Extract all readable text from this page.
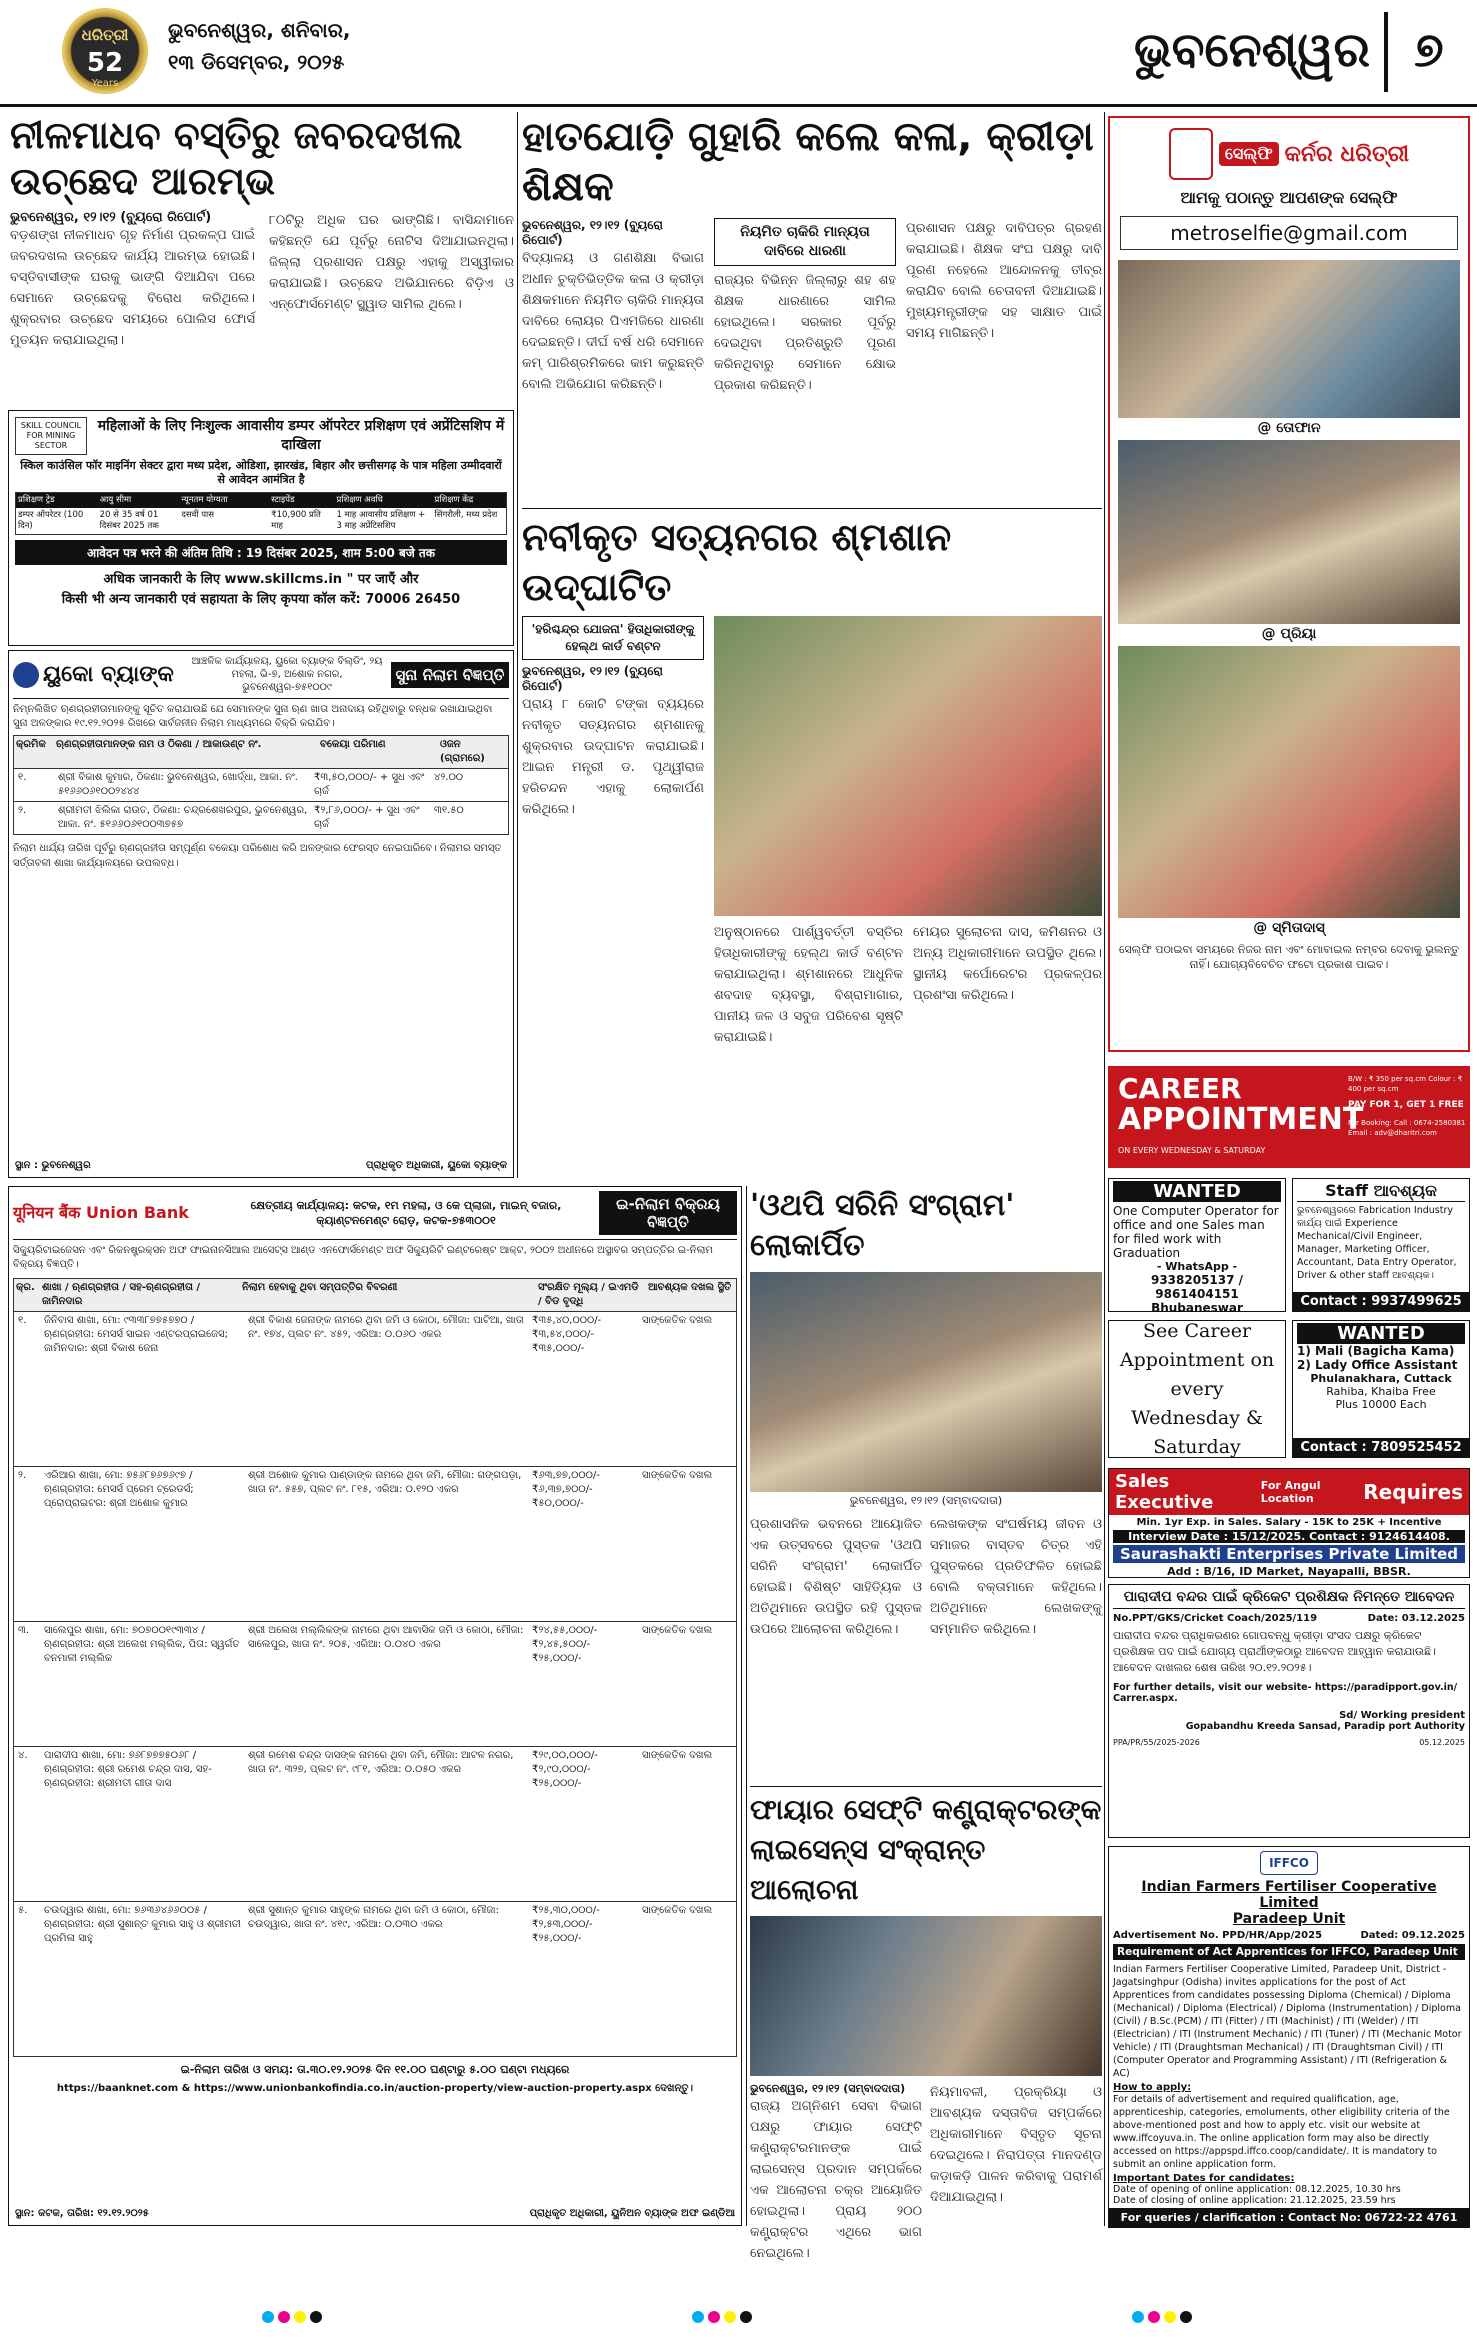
ଧରିତ୍ରୀ
52
Years
ଭୁବନେଶ୍ୱର, ଶନିବାର,
୧୩ ଡିସେମ୍ବର, ୨୦୨୫	ଭୁବନେଶ୍ୱର ୭
ନୀଳମାଧବ ବସ୍ତିରୁ ଜବରଦଖଲ ଉଚ୍ଛେଦ ଆରମ୍ଭ
ଭୁବନେଶ୍ୱର, ୧୨।୧୨ (ବ୍ୟୁରୋ ରିପୋର୍ଟ)
ବଡ଼ଶଙ୍ଖ ନୀଳମାଧବ ଗୃହ ନିର୍ମାଣ ପ୍ରକଳ୍ପ ପାଇଁ ଜବରଦଖଲ ଉଚ୍ଛେଦ କାର୍ଯ୍ୟ ଆରମ୍ଭ ହୋଇଛି। ବସ୍ତିବାସୀଙ୍କ ଘରକୁ ଭାଙ୍ଗି ଦିଆଯିବା ପରେ ସେମାନେ ଉଚ୍ଛେଦକୁ ବିରୋଧ କରିଥିଲେ। ଶୁକ୍ରବାର ଉଚ୍ଛେଦ ସମୟରେ ପୋଲିସ ଫୋର୍ସ ମୁତୟନ କରାଯାଇଥିଲା।
୮୦ଟିରୁ ଅଧିକ ଘର ଭାଙ୍ଗିଛି। ବାସିନ୍ଦାମାନେ କହିଛନ୍ତି ଯେ ପୂର୍ବରୁ ନୋଟିସ ଦିଆଯାଇନଥିଲା। ଜିଲ୍ଲା ପ୍ରଶାସନ ପକ୍ଷରୁ ଏହାକୁ ଅସ୍ୱୀକାର କରାଯାଇଛି। ଉଚ୍ଛେଦ ଅଭିଯାନରେ ବିଡ଼ିଏ ଓ ଏନ୍‌ଫୋର୍ସମେଣ୍ଟ ସ୍କ୍ୱାଡ ସାମିଲ ଥିଲେ।
SKILL COUNCIL FOR MINING SECTOR
महिलाओं के लिए निःशुल्क आवासीय डम्पर ऑपरेटर प्रशिक्षण एवं अप्रेंटिसशिप में दाखिला
स्किल काउंसिल फॉर माइनिंग सेक्टर द्वारा मध्य प्रदेश, ओडिशा, झारखंड, बिहार और छत्तीसगढ़ के पात्र महिला उम्मीदवारों से आवेदन आमंत्रित है
प्रशिक्षण ट्रेड	आयु सीमा	न्यूनतम योग्यता	स्टाइपेंड	प्रशिक्षण अवधि	प्रशिक्षण केंद्र
डम्पर ऑपरेटर (100 दिन)
20 से 35 वर्ष 01 दिसंबर 2025 तक
दसवीं पास	₹10,900 प्रति माह
1 माह आवासीय प्रशिक्षण + 3 माह अप्रेंटिसशिप
सिंगरौली, मध्य प्रदेश
आवेदन पत्र भरने की अंतिम तिथि : 19 दिसंबर 2025, शाम 5:00 बजे तक
अधिक जानकारी के लिए www.skillcms.in " पर जाएँ और
किसी भी अन्य जानकारी एवं सहायता के लिए कृपया कॉल करें: 70006 26450
ୟୁକୋ ବ୍ୟାଙ୍କ
ଆଞ୍ଚଳିକ କାର୍ଯ୍ୟାଳୟ, ୟୁକୋ ବ୍ୟାଙ୍କ ବିଲ୍ଡିଂ, ୨ୟ ମହଲା, ଭି-୭, ଅଶୋକ ନଗର, ଭୁବନେଶ୍ୱର-୭୫୧୦୦୯
ସୁନା ନିଲାମ ବିଜ୍ଞପ୍ତି
ନିମ୍ନଲିଖିତ ଋଣଗ୍ରହୀତାମାନଙ୍କୁ ସୂଚିତ କରାଯାଉଛି ଯେ ସେମାନଙ୍କ ସୁନା ଋଣ ଖାତା ଅନାଦାୟ ରହିଥିବାରୁ ବନ୍ଧକ ରଖାଯାଇଥିବା ସୁନା ଅଳଙ୍କାର ୧୯.୧୨.୨୦୨୫ ରିଖରେ ସାର୍ବଜନୀନ ନିଲାମ ମାଧ୍ୟମରେ ବିକ୍ରି କରାଯିବ।
କ୍ରମିକ	ଋଣଗ୍ରହୀତାମାନଙ୍କ ନାମ ଓ ଠିକଣା / ଆକାଉଣ୍ଟ ନଂ.	ବକେୟା ପରିମାଣ	ଓଜନ (ଗ୍ରାମରେ)
୧.	ଶ୍ରୀ ବିକାଶ କୁମାର, ଠିକଣା: ଭୁବନେଶ୍ୱର, ଖୋର୍ଦ୍ଧା, ଆକା. ନଂ. ୫୧୬୬୦୬୧୦୦୨୪୪୪
₹୩,୫୦,୦୦୦/- + ସୁଧ ଏବଂ ଚାର୍ଜ
୪୨.୦୦
୨.	ଶ୍ରୀମତୀ ଝିଲିକା ରାଉତ, ଠିକଣା: ଚନ୍ଦ୍ରଶେଖରପୁର, ଭୁବନେଶ୍ୱର, ଆକା. ନଂ. ୫୧୬୬୦୬୧୦୦୩୭୫୭
₹୨,୮୬,୦୦୦/- + ସୁଧ ଏବଂ ଚାର୍ଜ
୩୧.୫୦
ନିଲାମ ଧାର୍ଯ୍ୟ ତାରିଖ ପୂର୍ବରୁ ଋଣଗ୍ରହୀତା ସମ୍ପୂର୍ଣ୍ଣ ବକେୟା ପରିଶୋଧ କରି ଅଳଙ୍କାର ଫେରସ୍ତ ନେଇପାରିବେ। ନିଲାମର ସମସ୍ତ ସର୍ତ୍ତାବଳୀ ଶାଖା କାର୍ଯ୍ୟାଳୟରେ ଉପଲବ୍ଧ।
ସ୍ଥାନ : ଭୁବନେଶ୍ୱର	ପ୍ରାଧିକୃତ ଅଧିକାରୀ, ୟୁକୋ ବ୍ୟାଙ୍କ
ହାତଯୋଡ଼ି ଗୁହାରି କଲେ କଳା, କ୍ରୀଡ଼ା ଶିକ୍ଷକ
ଭୁବନେଶ୍ୱର, ୧୨।୧୨ (ବ୍ୟୁରୋ ରିପୋର୍ଟ)
ବିଦ୍ୟାଳୟ ଓ ଗଣଶିକ୍ଷା ବିଭାଗ ଅଧୀନ ଚୁକ୍ତିଭିତ୍ତିକ କଳା ଓ କ୍ରୀଡ଼ା ଶିକ୍ଷକମାନେ ନିୟମିତ ଚାକିରି ମାନ୍ୟତା ଦାବିରେ ଲୋୟର ପିଏମଜିରେ ଧାରଣା ଦେଇଛନ୍ତି। ଦୀର୍ଘ ବର୍ଷ ଧରି ସେମାନେ କମ୍ ପାରିଶ୍ରମିକରେ କାମ କରୁଛନ୍ତି ବୋଲି ଅଭିଯୋଗ କରିଛନ୍ତି।
ନିୟମିତ ଚାକିରି ମାନ୍ୟତା ଦାବିରେ ଧାରଣା
ରାଜ୍ୟର ବିଭିନ୍ନ ଜିଲ୍ଲାରୁ ଶହ ଶହ ଶିକ୍ଷକ ଧାରଣାରେ ସାମିଲ ହୋଇଥିଲେ। ସରକାର ପୂର୍ବରୁ ଦେଇଥିବା ପ୍ରତିଶ୍ରୁତି ପୂରଣ କରିନଥିବାରୁ ସେମାନେ କ୍ଷୋଭ ପ୍ରକାଶ କରିଛନ୍ତି।
ପ୍ରଶାସନ ପକ୍ଷରୁ ଦାବିପତ୍ର ଗ୍ରହଣ କରାଯାଇଛି। ଶିକ୍ଷକ ସଂଘ ପକ୍ଷରୁ ଦାବି ପୂରଣ ନହେଲେ ଆନ୍ଦୋଳନକୁ ତୀବ୍ର କରାଯିବ ବୋଲି ଚେତାବନୀ ଦିଆଯାଇଛି। ମୁଖ୍ୟମନ୍ତ୍ରୀଙ୍କ ସହ ସାକ୍ଷାତ ପାଇଁ ସମୟ ମାଗିଛନ୍ତି।
ନବୀକୃତ ସତ୍ୟନଗର ଶ୍ମଶାନ ଉଦ୍‌ଘାଟିତ
'ହରିଶ୍ଚନ୍ଦ୍ର ଯୋଜନା' ହିତାଧିକାରୀଙ୍କୁ ହେଲ୍ଥ କାର୍ଡ ବଣ୍ଟନ
ଭୁବନେଶ୍ୱର, ୧୨।୧୨ (ବ୍ୟୁରୋ ରିପୋର୍ଟ)
ପ୍ରାୟ ୮ କୋଟି ଟଙ୍କା ବ୍ୟୟରେ ନବୀକୃତ ସତ୍ୟନଗର ଶ୍ମଶାନକୁ ଶୁକ୍ରବାର ଉଦ୍‌ଘାଟନ କରାଯାଇଛି। ଆଇନ ମନ୍ତ୍ରୀ ଡ. ପୃଥ୍ୱୀରାଜ ହରିଚନ୍ଦନ ଏହାକୁ ଲୋକାର୍ପଣ କରିଥିଲେ।
ଅନୁଷ୍ଠାନରେ ପାର୍ଶ୍ୱବର୍ତ୍ତୀ ବସ୍ତିର ହିତାଧିକାରୀଙ୍କୁ ହେଲ୍ଥ କାର୍ଡ ବଣ୍ଟନ କରାଯାଇଥିଲା। ଶ୍ମଶାନରେ ଆଧୁନିକ ଶବଦାହ ବ୍ୟବସ୍ଥା, ବିଶ୍ରାମାଗାର, ପାନୀୟ ଜଳ ଓ ସବୁଜ ପରିବେଶ ସୃଷ୍ଟି କରାଯାଇଛି।
ମେୟର ସୁଲୋଚନା ଦାସ, କମିଶନର ଓ ଅନ୍ୟ ଅଧିକାରୀମାନେ ଉପସ୍ଥିତ ଥିଲେ। ସ୍ଥାନୀୟ କର୍ପୋରେଟର ପ୍ରକଳ୍ପର ପ୍ରଶଂସା କରିଥିଲେ।
यूनियन बैंक Union Bank	କ୍ଷେତ୍ରୀୟ କାର୍ଯ୍ୟାଳୟ: କଟକ, ୧ମ ମହଲା, ଓ କେ ପ୍ଲାଜା, ମାଇନ୍ ବଜାର, କ୍ୟାଣ୍ଟନମେଣ୍ଟ ରୋଡ଼, କଟକ-୭୫୩୦୦୧
ଇ-ନିଲାମ ବିକ୍ରୟ ବିଜ୍ଞପ୍ତି
ସିକ୍ୟୁରିଟାଇଜେସନ ଏବଂ ରିକନଷ୍ଟ୍ରକ୍ସନ ଅଫ ଫାଇନାନସିଆଲ ଆସେଟ୍ସ ଆଣ୍ଡ ଏନଫୋର୍ସମେଣ୍ଟ ଅଫ ସିକ୍ୟୁରିଟି ଇଣ୍ଟରେଷ୍ଟ ଆକ୍ଟ, ୨୦୦୨ ଅଧୀନରେ ଅସ୍ଥାବର ସମ୍ପତ୍ତିର ଇ-ନିଲାମ ବିକ୍ରୟ ବିଜ୍ଞପ୍ତି।
କ୍ର. ଶାଖା / ଋଣଗ୍ରହୀତା / ସହ-ଋଣଗ୍ରହୀତା / ଜାମିନଦାର
ନିଲାମ ହେବାକୁ ଥିବା ସମ୍ପତ୍ତିର ବିବରଣୀ	ସଂରକ୍ଷିତ ମୂଲ୍ୟ / ଇଏମଡି / ବିଡ ବୃଦ୍ଧି
ଆବଶ୍ୟକ ଦଖଲ ସ୍ଥିତି
୧.	ଜିନିବାସ ଶାଖା, ମୋ: ୯୩୩୮୭୭୫୭୭୦ / ଋଣଗ୍ରହୀତା: ମେସର୍ସ ସାଇନ ଏଣ୍ଟରପ୍ରାଇଜେସ; ଜାମିନଦାର: ଶ୍ରୀ ବିକାଶ ଜେନା
ଶ୍ରୀ ବିକାଶ ଜେନାଙ୍କ ନାମରେ ଥିବା ଜମି ଓ କୋଠା, ମୌଜା: ପାଟିଆ, ଖାତା ନଂ. ୧୭୪, ପ୍ଲଟ ନଂ. ୪୫୨, ଏରିଆ: ୦.୦୬୦ ଏକର
₹୩୫,୪୦,୦୦୦/- ₹୩,୫୪,୦୦୦/- ₹୩୫,୦୦୦/-
ସାଙ୍କେତିକ ଦଖଲ
୨.	ଏରିଆର ଶାଖା, ମୋ: ୭୫୬୮୭୬୭୬୯୭ / ଋଣଗ୍ରହୀତା: ମେସର୍ସ ପ୍ରେମ ଟ୍ରେଡର୍ସ; ପ୍ରୋପ୍ରାଇଟର: ଶ୍ରୀ ଅଶୋକ କୁମାର
ଶ୍ରୀ ଅଶୋକ କୁମାର ପାଣ୍ଡାଙ୍କ ନାମରେ ଥିବା ଜମି, ମୌଜା: ଗଙ୍ଗପଡ଼ା, ଖାତା ନଂ. ୫୫୭, ପ୍ଲଟ ନଂ. ୮୧୫, ଏରିଆ: ୦.୧୨୦ ଏକର
₹୬୩,୭୭,୦୦୦/- ₹୬,୩୭,୭୦୦/- ₹୫୦,୦୦୦/-
ସାଙ୍କେତିକ ଦଖଲ
୩.	ସାଲେପୁର ଶାଖା, ମୋ: ୭୦୭୦୦୧୯୩୩୪ / ଋଣଗ୍ରହୀତା: ଶ୍ରୀ ଅଲେଖ ମଲ୍ଲିକ, ପିତା: ସ୍ୱର୍ଗତ ବନମାଳୀ ମଲ୍ଲିକ
ଶ୍ରୀ ଅଲେଖ ମଲ୍ଲିକଙ୍କ ନାମରେ ଥିବା ଆବାସିକ ଜମି ଓ କୋଠା, ମୌଜା: ସାଲେପୁର, ଖାତା ନଂ. ୨୦୫, ଏରିଆ: ୦.୦୪୦ ଏକର
₹୨୪,୫୫,୦୦୦/- ₹୨,୪୫,୫୦୦/- ₹୨୫,୦୦୦/-
ସାଙ୍କେତିକ ଦଖଲ
୪.	ପାରାଦୀପ ଶାଖା, ମୋ: ୭୬୮୭୭୭୫୦୬୮ / ଋଣଗ୍ରହୀତା: ଶ୍ରୀ ରମେଶ ଚନ୍ଦ୍ର ଦାସ, ସହ-ଋଣଗ୍ରହୀତା: ଶ୍ରୀମତୀ ଗୀତା ଦାସ
ଶ୍ରୀ ରମେଶ ଚନ୍ଦ୍ର ଦାସଙ୍କ ନାମରେ ଥିବା ଜମି, ମୌଜା: ଆଟଳ ନଗର, ଖାତା ନଂ. ୩୨୭, ପ୍ଲଟ ନଂ. ୯୮୧, ଏରିଆ: ୦.୦୫୦ ଏକର
₹୨୯,୦୦,୦୦୦/- ₹୨,୯୦,୦୦୦/- ₹୨୫,୦୦୦/-
ସାଙ୍କେତିକ ଦଖଲ
୫.	ଚଉଦ୍ୱାର ଶାଖା, ମୋ: ୭୬୩୬୪୬୬୦୦୫ / ଋଣଗ୍ରହୀତା: ଶ୍ରୀ ସୁଶାନ୍ତ କୁମାର ସାହୁ ଓ ଶ୍ରୀମତୀ ପ୍ରମିଳା ସାହୁ
ଶ୍ରୀ ସୁଶାନ୍ତ କୁମାର ସାହୁଙ୍କ ନାମରେ ଥିବା ଜମି ଓ କୋଠା, ମୌଜା: ଚଉଦ୍ୱାର, ଖାତା ନଂ. ୪୧୯, ଏରିଆ: ୦.୦୩୦ ଏକର
₹୨୫,୩୦,୦୦୦/- ₹୨,୫୩,୦୦୦/- ₹୨୫,୦୦୦/-
ସାଙ୍କେତିକ ଦଖଲ
ଇ-ନିଲାମ ତାରିଖ ଓ ସମୟ: ତା.୩୦.୧୨.୨୦୨୫ ଦିନ ୧୧.୦୦ ଘଣ୍ଟାରୁ ୫.୦୦ ଘଣ୍ଟା ମଧ୍ୟରେ
https://baanknet.com & https://www.unionbankofindia.co.in/auction-property/view-auction-property.aspx ଦେଖନ୍ତୁ।
ସ୍ଥାନ: କଟକ, ତାରିଖ: ୧୨.୧୨.୨୦୨୫	ପ୍ରାଧିକୃତ ଅଧିକାରୀ, ୟୁନିଅନ ବ୍ୟାଙ୍କ ଅଫ ଇଣ୍ଡିଆ
'ଓଥପି ସରିନି ସଂଗ୍ରାମ' ଲୋକାର୍ପିତ
ଭୁବନେଶ୍ୱର, ୧୨।୧୨ (ସମ୍ବାଦଦାତା)
ପ୍ରଶାସନିକ ଭବନରେ ଆୟୋଜିତ ଏକ ଉତ୍ସବରେ ପୁସ୍ତକ 'ଓଥପି ସରିନି ସଂଗ୍ରାମ' ଲୋକାର୍ପିତ ହୋଇଛି। ବିଶିଷ୍ଟ ସାହିତ୍ୟିକ ଓ ଅତିଥିମାନେ ଉପସ୍ଥିତ ରହି ପୁସ୍ତକ ଉପରେ ଆଲୋଚନା କରିଥିଲେ।
ଲେଖକଙ୍କ ସଂଘର୍ଷମୟ ଜୀବନ ଓ ସମାଜର ବାସ୍ତବ ଚିତ୍ର ଏହି ପୁସ୍ତକରେ ପ୍ରତିଫଳିତ ହୋଇଛି ବୋଲି ବକ୍ତାମାନେ କହିଥିଲେ। ଅତିଥିମାନେ ଲେଖକଙ୍କୁ ସମ୍ମାନିତ କରିଥିଲେ।
ଫାୟାର ସେଫ୍ଟି କଣ୍ଟ୍ରାକ୍ଟରଙ୍କ ଲାଇସେନ୍ସ ସଂକ୍ରାନ୍ତ ଆଲୋଚନା
ଭୁବନେଶ୍ୱର, ୧୨।୧୨ (ସମ୍ବାଦଦାତା)
ରାଜ୍ୟ ଅଗ୍ନିଶମ ସେବା ବିଭାଗ ପକ୍ଷରୁ ଫାୟାର ସେଫ୍ଟି କଣ୍ଟ୍ରାକ୍ଟରମାନଙ୍କ ପାଇଁ ଲାଇସେନ୍ସ ପ୍ରଦାନ ସମ୍ପର୍କରେ ଏକ ଆଲୋଚନା ଚକ୍ର ଆୟୋଜିତ ହୋଇଥିଲା। ପ୍ରାୟ ୨୦୦ କଣ୍ଟ୍ରାକ୍ଟର ଏଥିରେ ଭାଗ ନେଇଥିଲେ।
ନିୟମାବଳୀ, ପ୍ରକ୍ରିୟା ଓ ଆବଶ୍ୟକ ଦସ୍ତାବିଜ ସମ୍ପର୍କରେ ଅଧିକାରୀମାନେ ବିସ୍ତୃତ ସୂଚନା ଦେଇଥିଲେ। ନିରାପତ୍ତା ମାନଦଣ୍ଡ କଡ଼ାକଡ଼ି ପାଳନ କରିବାକୁ ପରାମର୍ଶ ଦିଆଯାଇଥିଲା।
ସେଲ୍ଫି କର୍ନର ଧରିତ୍ରୀ
ଆମକୁ ପଠାନ୍ତୁ ଆପଣଙ୍କ ସେଲ୍ଫି
metroselfie@gmail.com
@ ତୋଫାନ
@ ପ୍ରିୟା
@ ସ୍ମିତାଦାସ୍
ସେଲ୍ଫି ପଠାଇବା ସମୟରେ ନିଜର ନାମ ଏବଂ ମୋବାଇଲ ନମ୍ବର ଦେବାକୁ ଭୁଲନ୍ତୁ ନାହିଁ। ଯୋଗ୍ୟବିବେଚିତ ଫଟୋ ପ୍ରକାଶ ପାଇବ।
CAREER
APPOINTMENT
ON EVERY WEDNESDAY & SATURDAY
B/W : ₹ 350 per sq.cm Colour : ₹ 400 per sq.cm
PAY FOR 1, GET 1 FREE
For Booking: Call : 0674-2580381 Email : adv@dharitri.com
WANTED
One Computer Operator for office and one Sales man for filed work with Graduation
- WhatsApp -
9338205137 / 9861404151
Bhubaneswar
Staff ଆବଶ୍ୟକ
ଭୁବନେଶ୍ୱରରେ Fabrication Industry କାର୍ଯ୍ୟ ପାଇଁ Experience Mechanical/Civil Engineer, Manager, Marketing Officer, Accountant, Data Entry Operator, Driver & other staff ଆବଶ୍ୟକ।
Contact : 9937499625
See Career Appointment on every Wednesday & Saturday
WANTED
1) Mali (Bagicha Kama)
2) Lady Office Assistant
Phulanakhara, Cuttack
Rahiba, Khaiba Free
Plus 10000 Each
Contact : 7809525452
Sales Executive
For Angul Location	Requires
Min. 1yr Exp. in Sales. Salary - 15K to 25K + Incentive
Interview Date : 15/12/2025. Contact : 9124614408.
Saurashakti Enterprises Private Limited
Add : B/16, ID Market, Nayapalli, BBSR.
ପାରାଦୀପ ବନ୍ଦର ପାଇଁ କ୍ରିକେଟ ପ୍ରଶିକ୍ଷକ ନିମନ୍ତେ ଆବେଦନ
No.PPT/GKS/Cricket Coach/2025/119	Date: 03.12.2025
ପାରାଦୀପ ବନ୍ଦର ପ୍ରାଧିକରଣର ଗୋପବନ୍ଧୁ କ୍ରୀଡ଼ା ସଂସଦ ପକ୍ଷରୁ କ୍ରିକେଟ ପ୍ରଶିକ୍ଷକ ପଦ ପାଇଁ ଯୋଗ୍ୟ ପ୍ରାର୍ଥୀଙ୍କଠାରୁ ଆବେଦନ ଆହ୍ୱାନ କରାଯାଉଛି। ଆବେଦନ ଦାଖଲର ଶେଷ ତାରିଖ ୨୦.୧୨.୨୦୨୫।
For further details, visit our website- https://paradipport.gov.in/ Carrer.aspx.
Sd/ Working president
Gopabandhu Kreeda Sansad, Paradip port Authority
PPA/PR/55/2025-2026	05.12.2025
IFFCO
Indian Farmers Fertiliser Cooperative Limited
Paradeep Unit
Advertisement No. PPD/HR/App/2025	Dated: 09.12.2025
Requirement of Act Apprentices for IFFCO, Paradeep Unit
Indian Farmers Fertiliser Cooperative Limited, Paradeep Unit, District - Jagatsinghpur (Odisha) invites applications for the post of Act Apprentices from candidates possessing Diploma (Chemical) / Diploma (Mechanical) / Diploma (Electrical) / Diploma (Instrumentation) / Diploma (Civil) / B.Sc.(PCM) / ITI (Fitter) / ITI (Machinist) / ITI (Welder) / ITI (Electrician) / ITI (Instrument Mechanic) / ITI (Tuner) / ITI (Mechanic Motor Vehicle) / ITI (Draughtsman Mechanical) / ITI (Draughtsman Civil) / ITI (Computer Operator and Programming Assistant) / ITI (Refrigeration & AC)
How to apply:
For details of advertisement and required qualification, age, apprenticeship, categories, emoluments, other eligibility criteria of the above-mentioned post and how to apply etc. visit our website at www.iffcoyuva.in. The online application form may also be directly accessed on https://appspd.iffco.coop/candidate/. It is mandatory to submit an online application form.
Important Dates for candidates:
Date of opening of online application: 08.12.2025, 10.30 hrs
Date of closing of online application: 21.12.2025, 23.59 hrs
For queries / clarification : Contact No: 06722-22 4761
